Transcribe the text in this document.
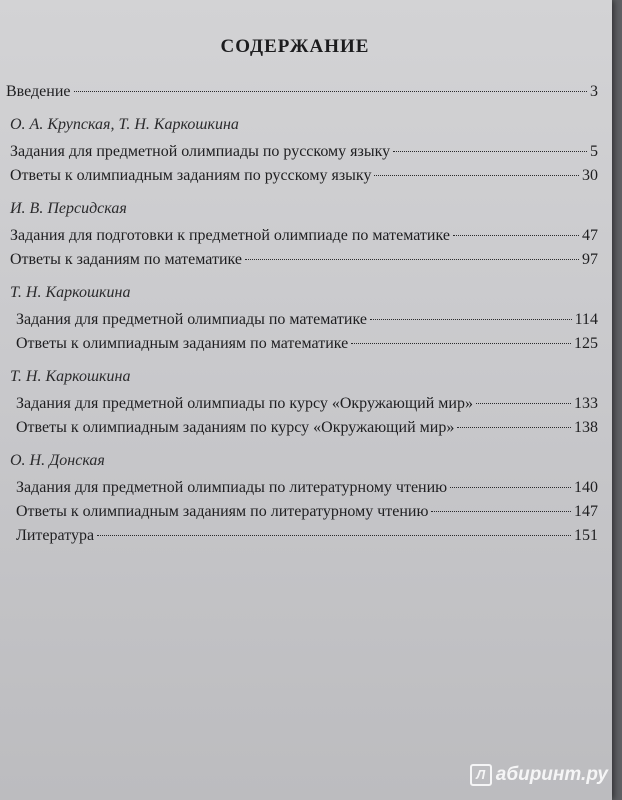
СОДЕРЖАНИЕ
Введение	3
О. А. Крупская, Т. Н. Каркошкина
Задания для предметной олимпиады по русскому языку	5
Ответы к олимпиадным заданиям по русскому языку	30
И. В. Персидская
Задания для подготовки к предметной олимпиаде по математике	47
Ответы к заданиям по математике	97
Т. Н. Каркошкина
Задания для предметной олимпиады по математике	114
Ответы к олимпиадным заданиям по математике	125
Т. Н. Каркошкина
Задания для предметной олимпиады по курсу «Окружающий мир»	133
Ответы к олимпиадным заданиям по курсу «Окружающий мир»	138
О. Н. Донская
Задания для предметной олимпиады по литературному чтению	140
Ответы к олимпиадным заданиям по литературному чтению	147
Литература	151
Л абиринт.ру
